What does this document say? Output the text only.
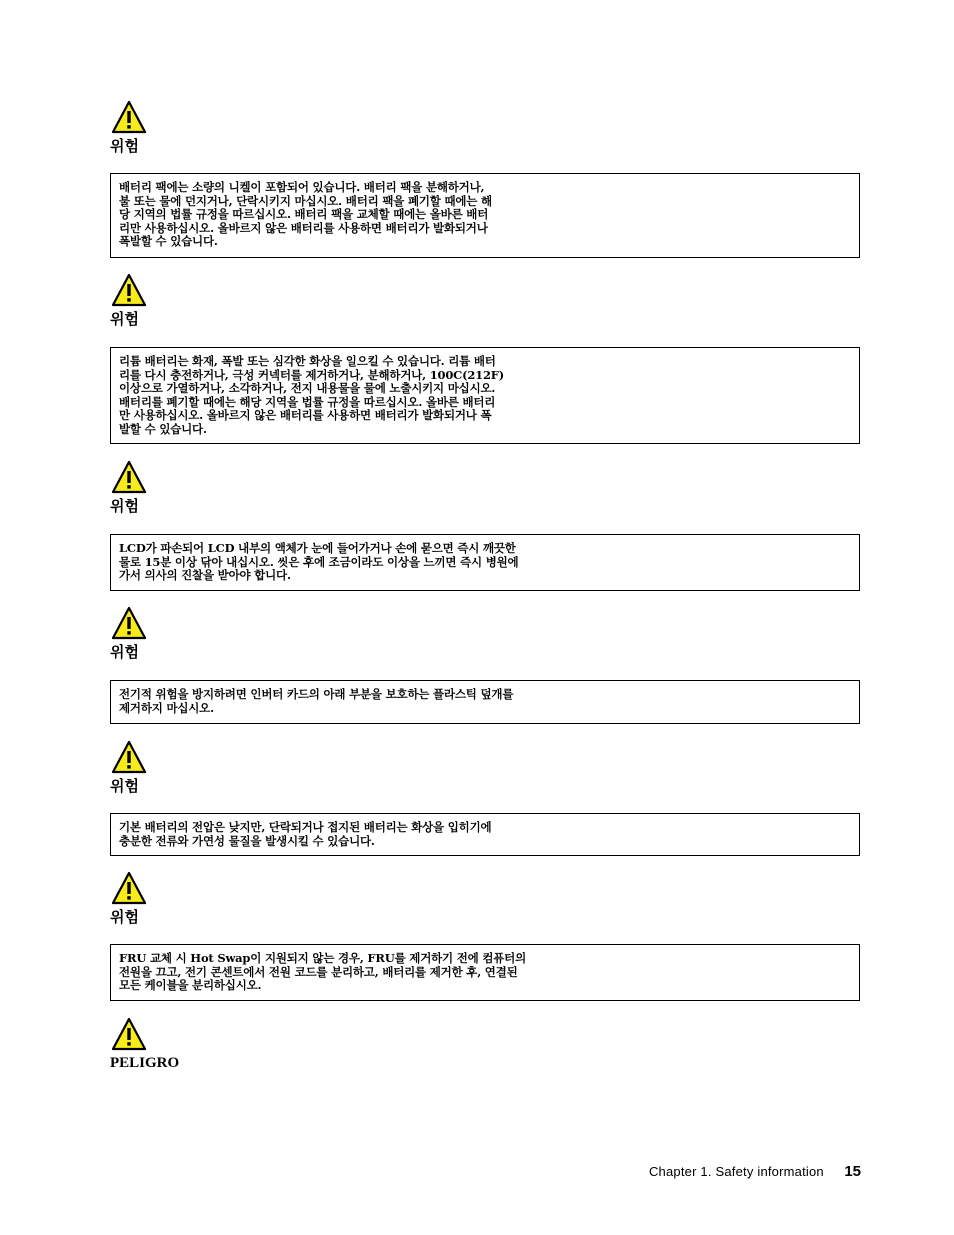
위험
배터리 팩에는 소량의 니켈이 포함되어 있습니다. 배터리 팩을 분해하거나,
불 또는 물에 던지거나, 단락시키지 마십시오. 배터리 팩을 폐기할 때에는 해
당 지역의 법률 규정을 따르십시오. 배터리 팩을 교체할 때에는 올바른 배터
리만 사용하십시오. 올바르지 않은 배터리를 사용하면 배터리가 발화되거나
폭발할 수 있습니다.
위험
리튬 배터리는 화재, 폭발 또는 심각한 화상을 일으킬 수 있습니다. 리튬 배터
리를 다시 충전하거나, 극성 커넥터를 제거하거나, 분해하거나, 100C(212F)
이상으로 가열하거나, 소각하거나, 전지 내용물을 물에 노출시키지 마십시오.
배터리를 폐기할 때에는 해당 지역을 법률 규정을 따르십시오. 올바른 배터리
만 사용하십시오. 올바르지 않은 배터리를 사용하면 배터리가 발화되거나 폭
발할 수 있습니다.
위험
LCD가 파손되어 LCD 내부의 액체가 눈에 들어가거나 손에 묻으면 즉시 깨끗한
물로 15분 이상 닦아 내십시오. 씻은 후에 조금이라도 이상을 느끼면 즉시 병원에
가서 의사의 진찰을 받아야 합니다.
위험
전기적 위험을 방지하려면 인버터 카드의 아래 부분을 보호하는 플라스틱 덮개를
제거하지 마십시오.
위험
기본 배터리의 전압은 낮지만, 단락되거나 접지된 배터리는 화상을 입히기에
충분한 전류와 가연성 물질을 발생시킬 수 있습니다.
위험
FRU 교체 시 Hot Swap이 지원되지 않는 경우, FRU를 제거하기 전에 컴퓨터의
전원을 끄고, 전기 콘센트에서 전원 코드를 분리하고, 배터리를 제거한 후, 연결된
모든 케이블을 분리하십시오.
PELIGRO
Chapter 1. Safety information 15
